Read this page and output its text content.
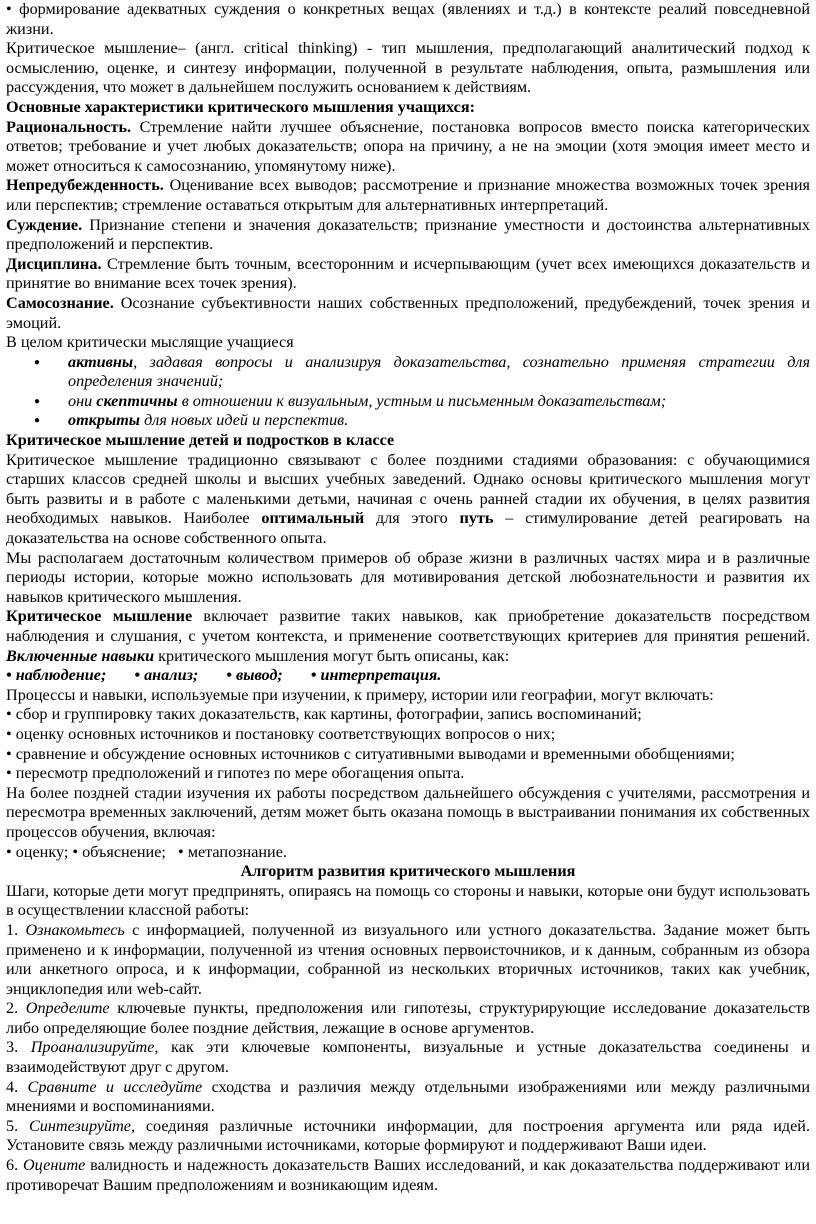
• формирование адекватных суждения о конкретных вещах (явлениях и т.д.) в контексте реалий повседневной жизни.

Критическое мышление– (англ. critical thinking) - тип мышления, предполагающий аналитический подход к осмыслению, оценке, и синтезу информации, полученной в результате наблюдения, опыта, размышления или рассуждения, что может в дальнейшем послужить основанием к действиям.

Основные характеристики критического мышления учащихся:

Рациональность. Стремление найти лучшее объяснение, постановка вопросов вместо поиска категорических ответов; требование и учет любых доказательств; опора на причину, а не на эмоции (хотя эмоция имеет место и может относиться к самосознанию, упомянутому ниже).

Непредубежденность. Оценивание всех выводов; рассмотрение и признание множества возможных точек зрения или перспектив; стремление оставаться открытым для альтернативных интерпретаций.

Суждение. Признание степени и значения доказательств; признание уместности и достоинства альтернативных предположений и перспектив.

Дисциплина. Стремление быть точным, всесторонним и исчерпывающим (учет всех имеющихся доказательств и принятие во внимание всех точек зрения).

Самосознание. Осознание субъективности наших собственных предположений, предубеждений, точек зрения и эмоций.

В целом критически мыслящие учащиеся

● активны, задавая вопросы и анализируя доказательства, сознательно применяя стратегии для определения значений;
● они скептичны в отношении к визуальным, устным и письменным доказательствам;
● открыты для новых идей и перспектив.

Критическое мышление детей и подростков в классе

Критическое мышление традиционно связывают с более поздними стадиями образования: с обучающимися старших классов средней школы и высших учебных заведений. Однако основы критического мышления могут быть развиты и в работе с маленькими детьми, начиная с очень ранней стадии их обучения, в целях развития необходимых навыков. Наиболее оптимальный для этого путь – стимулирование детей реагировать на доказательства на основе собственного опыта.

Мы располагаем достаточным количеством примеров об образе жизни в различных частях мира и в различные периоды истории, которые можно использовать для мотивирования детской любознательности и развития их навыков критического мышления.

Критическое мышление включает развитие таких навыков, как приобретение доказательств посредством наблюдения и слушания, с учетом контекста, и применение соответствующих критериев для принятия решений. Включенные навыки критического мышления могут быть описаны, как:

• наблюдение; • анализ; • вывод; • интерпретация.

Процессы и навыки, используемые при изучении, к примеру, истории или географии, могут включать:

• сбор и группировку таких доказательств, как картины, фотографии, запись воспоминаний;

• оценку основных источников и постановку соответствующих вопросов о них;

• сравнение и обсуждение основных источников с ситуативными выводами и временными обобщениями;

• пересмотр предположений и гипотез по мере обогащения опыта.

На более поздней стадии изучения их работы посредством дальнейшего обсуждения с учителями, рассмотрения и пересмотра временных заключений, детям может быть оказана помощь в выстраивании понимания их собственных процессов обучения, включая:

• оценку; • объяснение;   • метапознание.

Алгоритм развития критического мышления

Шаги, которые дети могут предпринять, опираясь на помощь со стороны и навыки, которые они будут использовать в осуществлении классной работы:

1. Ознакомьтесь с информацией, полученной из визуального или устного доказательства. Задание может быть применено и к информации, полученной из чтения основных первоисточников, и к данным, собранным из обзора или анкетного опроса, и к информации, собранной из нескольких вторичных источников, таких как учебник, энциклопедия или web-сайт.

2. Определите ключевые пункты, предположения или гипотезы, структурирующие исследование доказательств либо определяющие более поздние действия, лежащие в основе аргументов.

3. Проанализируйте, как эти ключевые компоненты, визуальные и устные доказательства соединены и взаимодействуют друг с другом.

4. Сравните и исследуйте сходства и различия между отдельными изображениями или между различными мнениями и воспоминаниями.

5. Синтезируйте, соединяя различные источники информации, для построения аргумента или ряда идей. Установите связь между различными источниками, которые формируют и поддерживают Ваши идеи.

6. Оцените валидность и надежность доказательств Ваших исследований, и как доказательства поддерживают или противоречат Вашим предположениям и возникающим идеям.
